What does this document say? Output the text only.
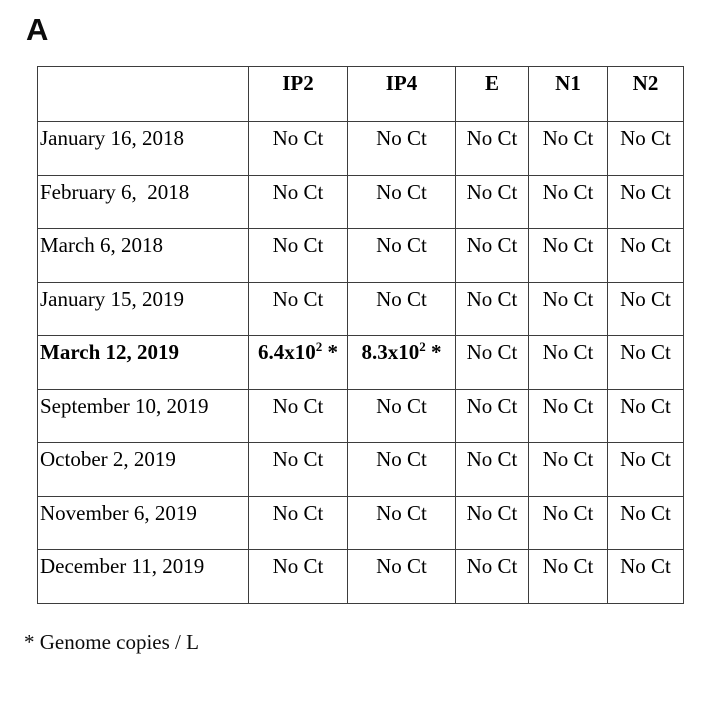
A
	IP2	IP4	E	N1	N2
January 16, 2018	No Ct	No Ct	No Ct	No Ct	No Ct
February 6,  2018	No Ct	No Ct	No Ct	No Ct	No Ct
March 6, 2018	No Ct	No Ct	No Ct	No Ct	No Ct
January 15, 2019	No Ct	No Ct	No Ct	No Ct	No Ct
March 12, 2019	$6.4x10^2$ *	$8.3x10^2$ *	No Ct	No Ct	No Ct
September 10, 2019	No Ct	No Ct	No Ct	No Ct	No Ct
October 2, 2019	No Ct	No Ct	No Ct	No Ct	No Ct
November 6, 2019	No Ct	No Ct	No Ct	No Ct	No Ct
December 11, 2019	No Ct	No Ct	No Ct	No Ct	No Ct
* Genome copies / L
